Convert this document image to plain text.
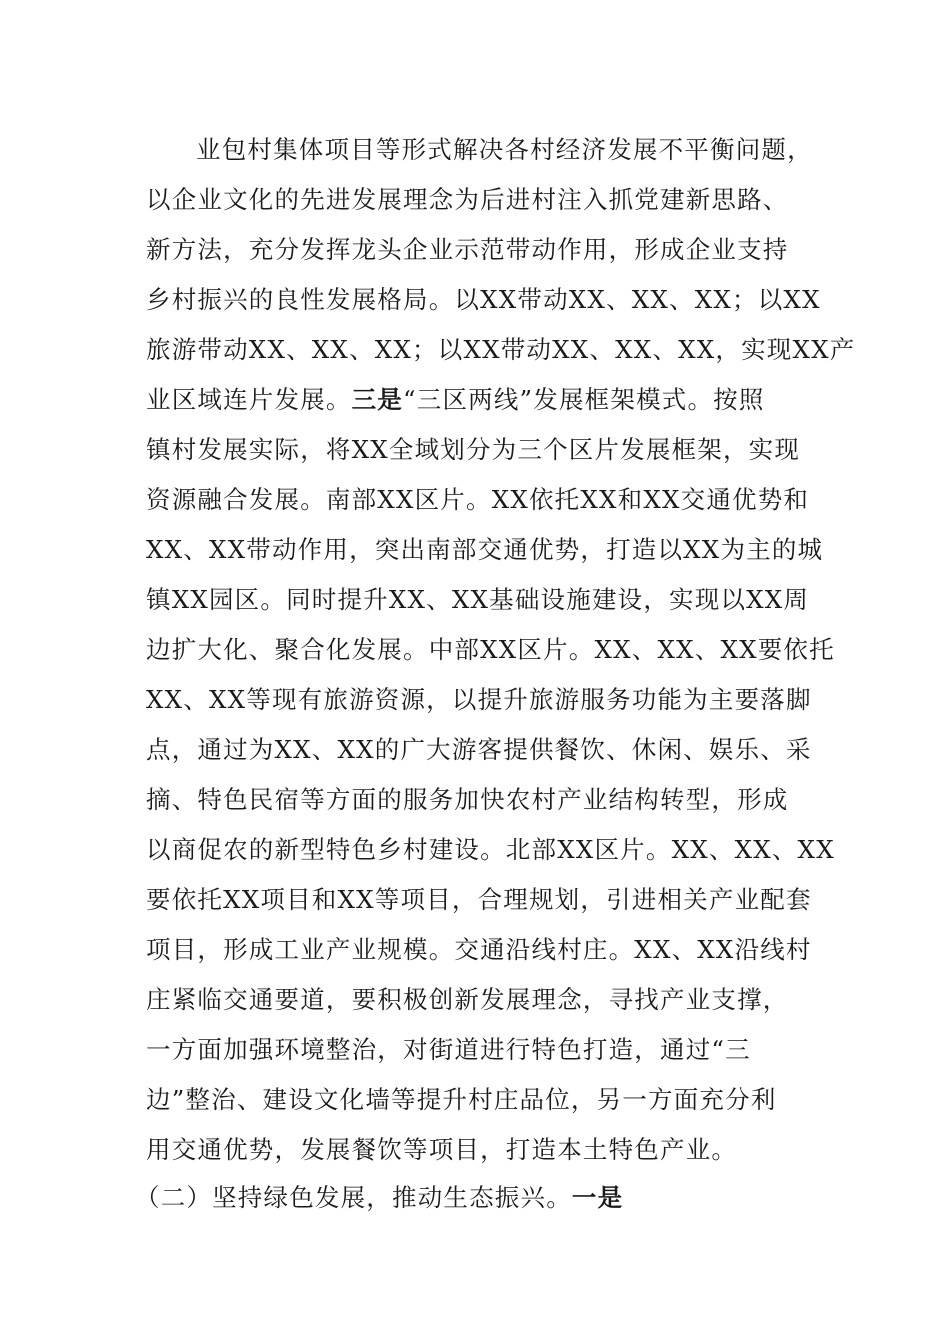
业包村集体项目等形式解决各村经济发展不平衡问题，
以企业文化的先进发展理念为后进村注入抓党建新思路、
新方法，充分发挥龙头企业示范带动作用，形成企业支持
乡村振兴的良性发展格局。以XX带动XX、XX、XX；以XX
旅游带动XX、XX、XX；以XX带动XX、XX、XX，实现XX产
业区域连片发展。三是“三区两线”发展框架模式。按照
镇村发展实际，将XX全域划分为三个区片发展框架，实现
资源融合发展。南部XX区片。XX依托XX和XX交通优势和
XX、XX带动作用，突出南部交通优势，打造以XX为主的城
镇XX园区。同时提升XX、XX基础设施建设，实现以XX周
边扩大化、聚合化发展。中部XX区片。XX、XX、XX要依托
XX、XX等现有旅游资源，以提升旅游服务功能为主要落脚
点，通过为XX、XX的广大游客提供餐饮、休闲、娱乐、采
摘、特色民宿等方面的服务加快农村产业结构转型，形成
以商促农的新型特色乡村建设。北部XX区片。XX、XX、XX
要依托XX项目和XX等项目，合理规划，引进相关产业配套
项目，形成工业产业规模。交通沿线村庄。XX、XX沿线村
庄紧临交通要道，要积极创新发展理念，寻找产业支撑，
一方面加强环境整治，对街道进行特色打造，通过“三
边”整治、建设文化墙等提升村庄品位，另一方面充分利
用交通优势，发展餐饮等项目，打造本土特色产业。
（二）坚持绿色发展，推动生态振兴。一是
